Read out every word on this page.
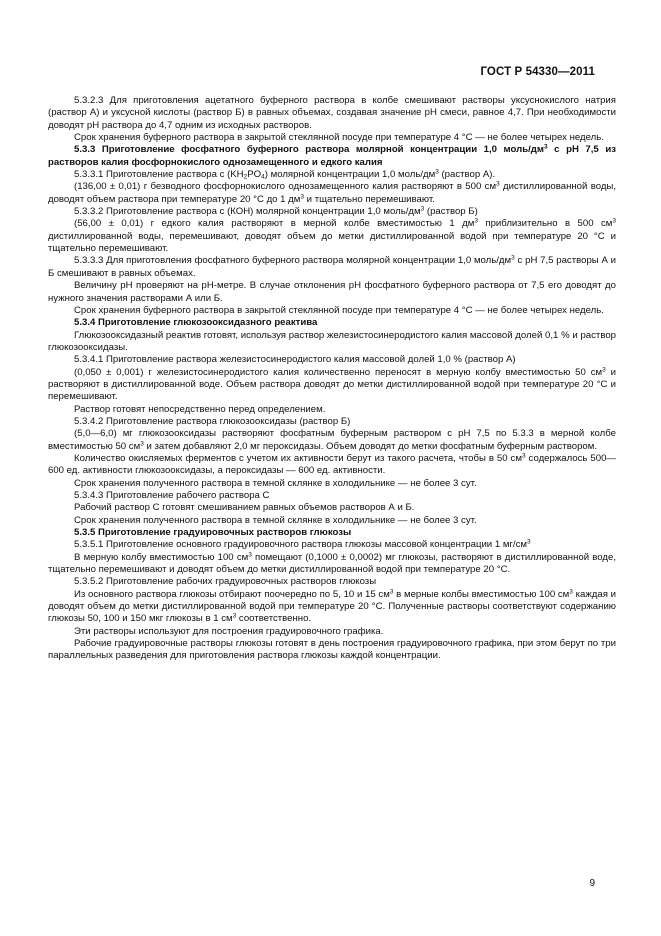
ГОСТ Р 54330—2011

5.3.2.3 Для приготовления ацетатного буферного раствора в колбе смешивают растворы уксуснокислого натрия (раствор А) и уксусной кислоты (раствор Б) в равных объемах, создавая значение pH смеси, равное 4,7. При необходимости доводят pH раствора до 4,7 одним из исходных растворов.

Срок хранения буферного раствора в закрытой стеклянной посуде при температуре 4 °С — не более четырех недель.

5.3.3 Приготовление фосфатного буферного раствора молярной концентрации 1,0 моль/$дм^3$ с pH 7,5 из растворов калия фосфорнокислого однозамещенного и едкого калия

5.3.3.1 Приготовление раствора с $(KH_2PO_4)$ молярной концентрации 1,0 моль/$дм^3$ (раствор А).

(136,00 ± 0,01) г безводного фосфорнокислого однозамещенного калия растворяют в 500 $см^3$ дистиллированной воды, доводят объем раствора при температуре 20 °С до 1 $дм^3$ и тщательно перемешивают.

5.3.3.2 Приготовление раствора с (КОН) молярной концентрации 1,0 моль/$дм^3$ (раствор Б)

(56,00 ± 0,01) г едкого калия растворяют в мерной колбе вместимостью 1 $дм^3$ приблизительно в 500 $см^3$ дистиллированной воды, перемешивают, доводят объем до метки дистиллированной водой при температуре 20 °С и тщательно перемешивают.

5.3.3.3 Для приготовления фосфатного буферного раствора молярной концентрации 1,0 моль/$дм^3$ с pH 7,5 растворы А и Б смешивают в равных объемах.

Величину pH проверяют на pH-метре. В случае отклонения pH фосфатного буферного раствора от 7,5 его доводят до нужного значения растворами А или Б.

Срок хранения буферного раствора в закрытой стеклянной посуде при температуре 4 °С — не более четырех недель.

5.3.4 Приготовление глюкозооксидазного реактива

Глюкозооксидазный реактив готовят, используя раствор железистосинеродистого калия массовой долей 0,1 % и раствор глюкозооксидазы.

5.3.4.1 Приготовление раствора железистосинеродистого калия массовой долей 1,0 % (раствор А)

(0,050 ± 0,001) г железистосинеродистого калия количественно переносят в мерную колбу вместимостью 50 $см^3$ и растворяют в дистиллированной воде. Объем раствора доводят до метки дистиллированной водой при температуре 20 °С и перемешивают.

Раствор готовят непосредственно перед определением.

5.3.4.2 Приготовление раствора глюкозооксидазы (раствор Б)

(5,0—6,0) мг глюкозооксидазы растворяют фосфатным буферным раствором с pH 7,5 по 5.3.3 в мерной колбе вместимостью 50 $см^3$ и затем добавляют 2,0 мг пероксидазы. Объем доводят до метки фосфатным буферным раствором.

Количество окисляемых ферментов с учетом их активности берут из такого расчета, чтобы в 50 $см^3$ содержалось 500—600 ед. активности глюкозооксидазы, а пероксидазы — 600 ед. активности.

Срок хранения полученного раствора в темной склянке в холодильнике — не более 3 сут.

5.3.4.3 Приготовление рабочего раствора С

Рабочий раствор С готовят смешиванием равных объемов растворов А и Б.

Срок хранения полученного раствора в темной склянке в холодильнике — не более 3 сут.

5.3.5 Приготовление градуировочных растворов глюкозы

5.3.5.1 Приготовление основного градуировочного раствора глюкозы массовой концентрации 1 $мг/см^3$

В мерную колбу вместимостью 100 $см^3$ помещают (0,1000 ± 0,0002) мг глюкозы, растворяют в дистиллированной воде, тщательно перемешивают и доводят объем до метки дистиллированной водой при температуре 20 °С.

5.3.5.2 Приготовление рабочих градуировочных растворов глюкозы

Из основного раствора глюкозы отбирают поочередно по 5, 10 и 15 $см^3$ в мерные колбы вместимостью 100 $см^3$ каждая и доводят объем до метки дистиллированной водой при температуре 20 °С. Полученные растворы соответствуют содержанию глюкозы 50, 100 и 150 мкг глюкозы в 1 $см^3$ соответственно.

Эти растворы используют для построения градуировочного графика.

Рабочие градуировочные растворы глюкозы готовят в день построения градуировочного графика, при этом берут по три параллельных разведения для приготовления раствора глюкозы каждой концентрации.

9
